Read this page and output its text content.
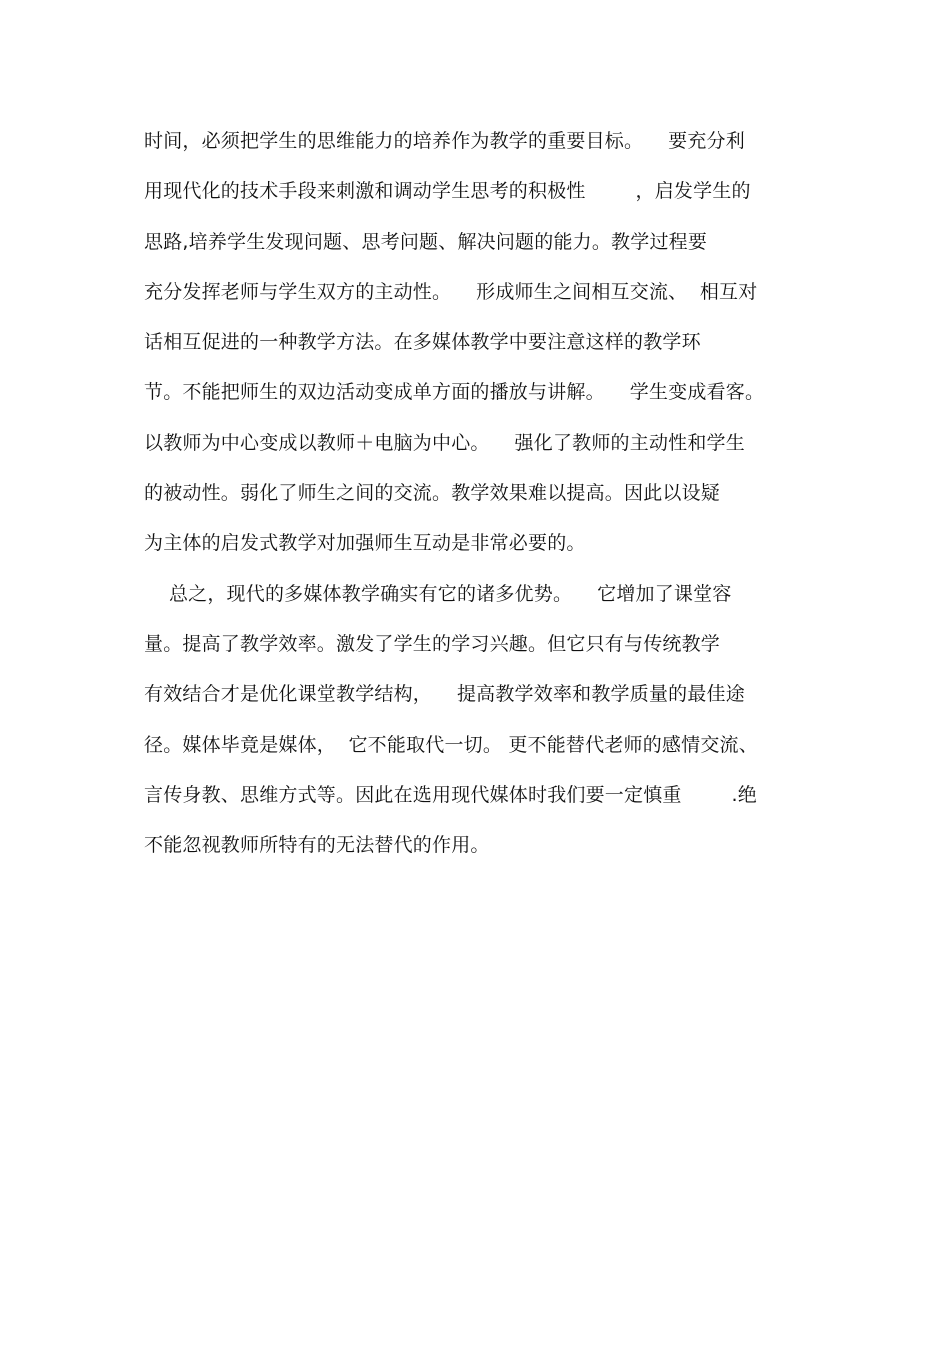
时间，必须把学生的思维能力的培养作为教学的重要目标。    要充分利
用现代化的技术手段来刺激和调动学生思考的积极性        ，启发学生的
思路,培养学生发现问题、思考问题、解决问题的能力。教学过程要
充分发挥老师与学生双方的主动性。    形成师生之间相互交流、  相互对
话相互促进的一种教学方法。在多媒体教学中要注意这样的教学环
节。不能把师生的双边活动变成单方面的播放与讲解。    学生变成看客。
以教师为中心变成以教师＋电脑为中心。    强化了教师的主动性和学生
的被动性。弱化了师生之间的交流。教学效果难以提高。因此以设疑
为主体的启发式教学对加强师生互动是非常必要的。
总之，现代的多媒体教学确实有它的诸多优势。    它增加了课堂容
量。提高了教学效率。激发了学生的学习兴趣。但它只有与传统教学
有效结合才是优化课堂教学结构，    提高教学效率和教学质量的最佳途
径。媒体毕竟是媒体，  它不能取代一切。 更不能替代老师的感情交流、
言传身教、思维方式等。因此在选用现代媒体时我们要一定慎重        .绝
不能忽视教师所特有的无法替代的作用。
